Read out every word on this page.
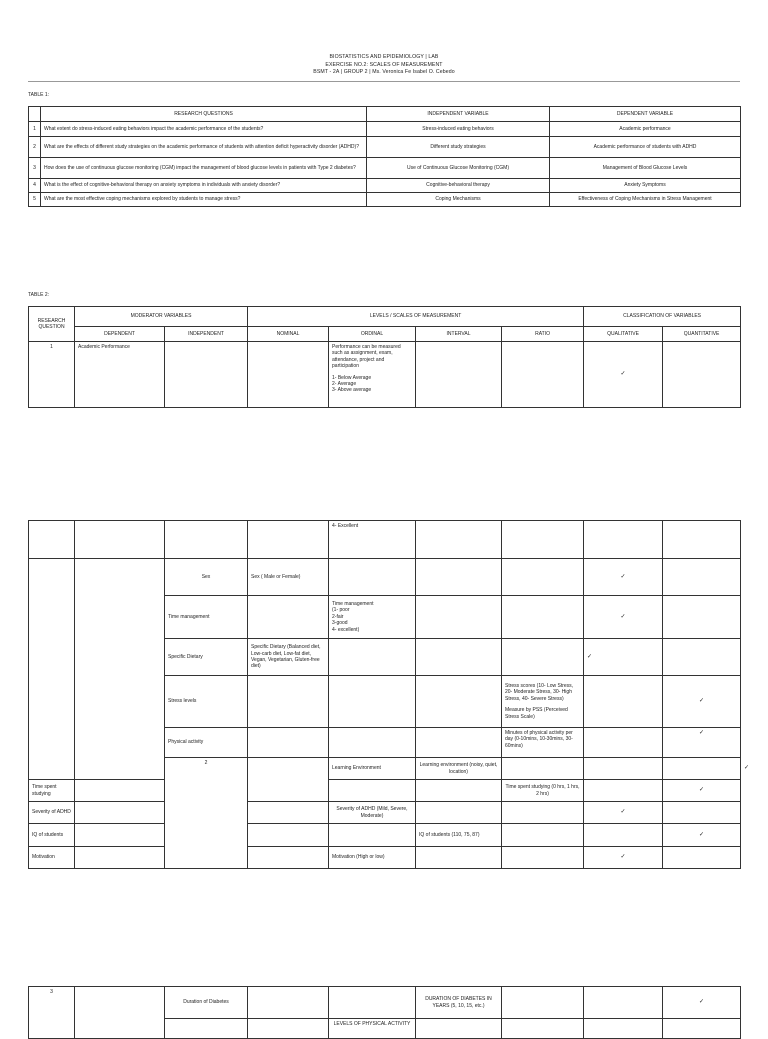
BIOSTATISTICS AND EPIDEMIOLOGY | LAB
EXERCISE NO.2: SCALES OF MEASUREMENT
BSMT - 2A | GROUP 2 | Ms. Veronica Fe Isabel O. Cebedo
TABLE 1:
	RESEARCH QUESTIONS	INDEPENDENT VARIABLE	DEPENDENT VARIABLE
1	What extent do stress-induced eating behaviors impact the academic performance of the students?	Stress-induced eating behaviors	Academic performance
2	What are the effects of different study strategies on the academic performance of students with attention deficit hyperactivity disorder (ADHD)?	Different study strategies	Academic performance of students with ADHD
3	How does the use of continuous glucose monitoring (CGM) impact the management of blood glucose levels in patients with Type 2 diabetes?	Use of Continuous Glucose Monitoring (CGM)	Management of Blood Glucose Levels
4	What is the effect of cognitive-behavioral therapy on anxiety symptoms in individuals with anxiety disorder?	Cognitive-behavioral therapy	Anxiety Symptoms
5	What are the most effective coping mechanisms explored by students to manage stress?	Coping Mechanisms	Effectiveness of Coping Mechanisms in Stress Management
TABLE 2:
RESEARCH QUESTION	MODERATOR VARIABLES		LEVELS / SCALES OF MEASUREMENT				CLASSIFICATION OF VARIABLES	
	DEPENDENT	INDEPENDENT	NOMINAL	ORDINAL	INTERVAL	RATIO	QUALITATIVE	QUANTITATIVE
1	Academic Performance			Performance can be measured such as assignment, exam, attendance, project and participation
1- Below Average
2- Average
3- Above average			✓	
				4- Excellent					
		Sex	Sex ( Male or Female)				✓		
		Time management		Time management
(1- poor
2-fair
3-good
4- excellent)			✓		
		Specific Dietary	Specific Dietary (Balanced diet, Low-carb diet, Low-fat diet, Vegan, Vegetarian, Gluten-free diet)				✓		
		Stress levels				Stress scores (10- Low Stress, 20- Moderate Stress, 30- High Stress, 40- Severe Stress)
Measure by PSS (Perceived Stress Scale)		✓	
		Physical activity				Minutes of physical activity per day (0-10mins, 10-30mins, 30-60mins)		✓	
		2		Learning Environment	Learning environment (noisy, quiet, location)				✓	
Time spent studying						Time spent studying (0 hrs, 1 hrs, 2 hrs)		✓	
Severity of ADHD				Severity of ADHD (Mild, Severe, Moderate)			✓		
IQ of students					IQ of students (110, 75, 87)			✓	
Motivation				Motivation (High or low)			✓		
3		Duration of Diabetes			DURATION OF DIABETES IN YEARS (5, 10, 15, etc.)			✓
				LEVELS OF PHYSICAL ACTIVITY				
